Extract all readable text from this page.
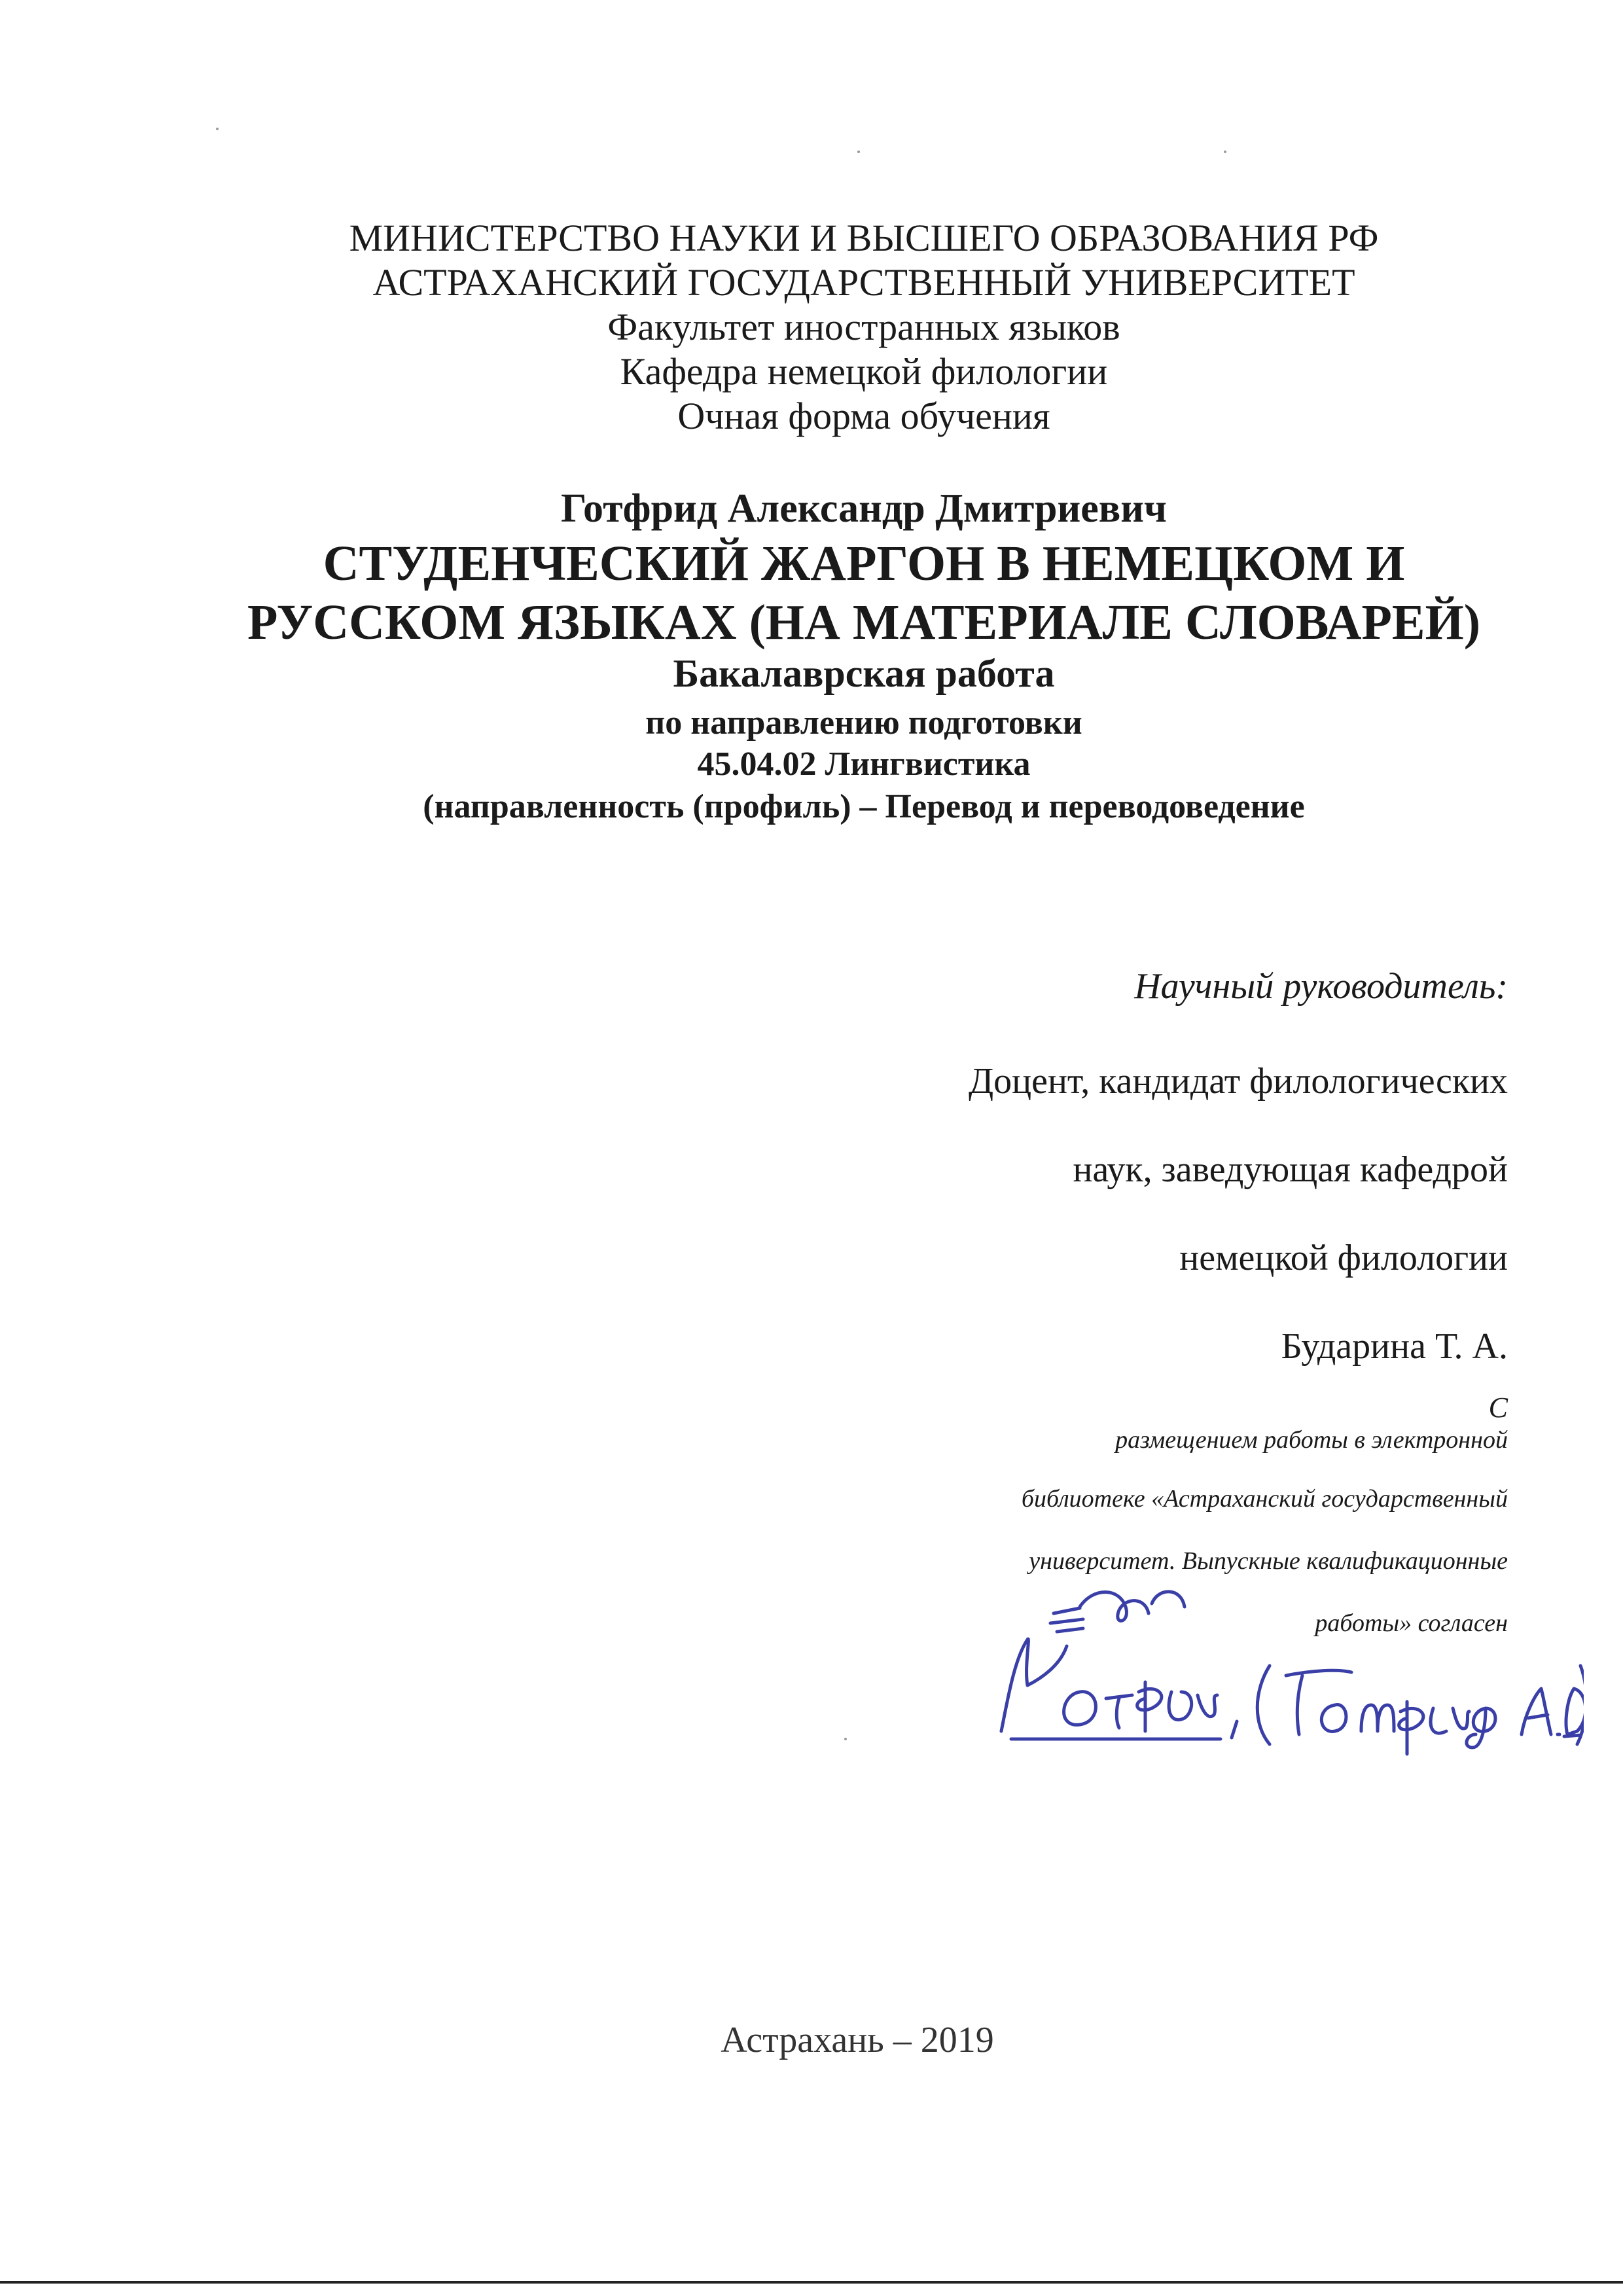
МИНИСТЕРСТВО НАУКИ И ВЫСШЕГО ОБРАЗОВАНИЯ РФ
АСТРАХАНСКИЙ ГОСУДАРСТВЕННЫЙ УНИВЕРСИТЕТ
Факультет иностранных языков
Кафедра немецкой филологии
Очная форма обучения
Готфрид Александр Дмитриевич
СТУДЕНЧЕСКИЙ ЖАРГОН В НЕМЕЦКОМ И
РУССКОМ ЯЗЫКАХ (НА МАТЕРИАЛЕ СЛОВАРЕЙ)
Бакалаврская работа
по направлению подготовки
45.04.02 Лингвистика
(направленность (профиль) – Перевод и переводоведение
Научный руководитель:
Доцент, кандидат филологических
наук, заведующая кафедрой
немецкой филологии
Бударина Т. А.
С
размещением работы в электронной
библиотеке «Астраханский государственный
университет. Выпускные квалификационные
работы» согласен
Астрахань – 2019
